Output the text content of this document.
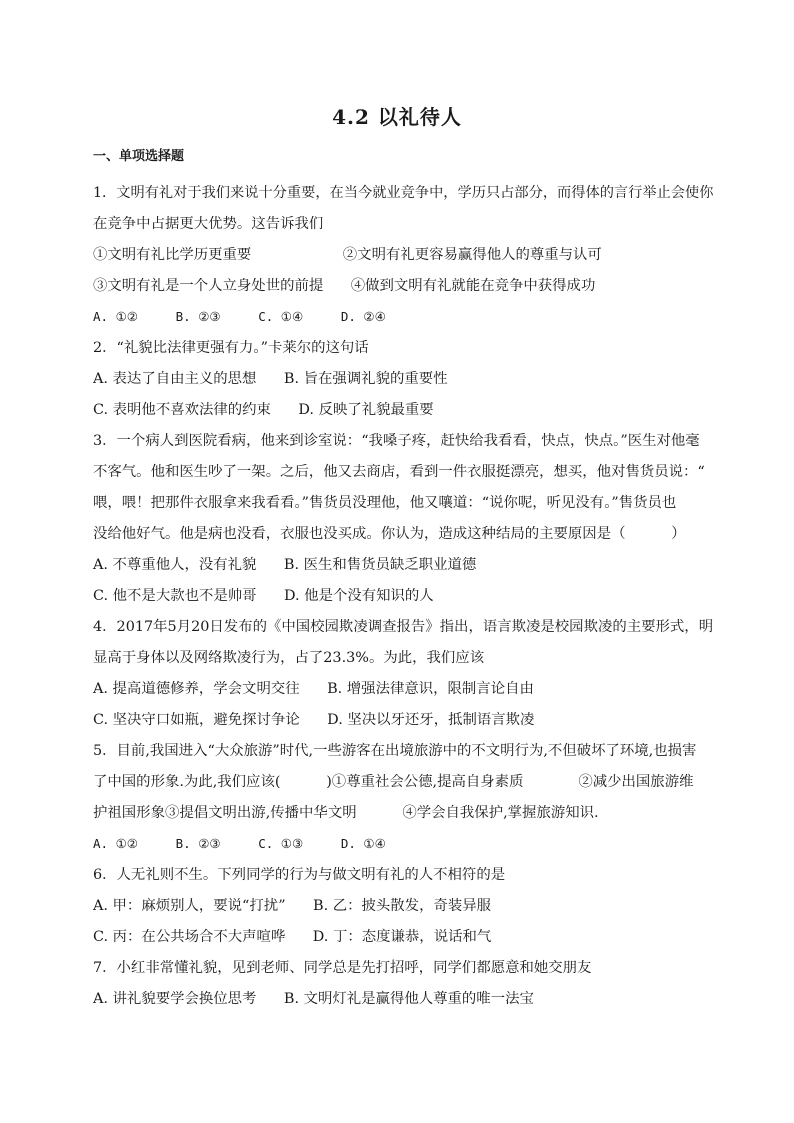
4.2 以礼待人
一、单项选择题
1．文明有礼对于我们来说十分重要，在当今就业竞争中，学历只占部分，而得体的言行举止会使你
在竞争中占据更大优势。这告诉我们
①文明有礼比学历更重要                    ②文明有礼更容易赢得他人的尊重与认可
③文明有礼是一个人立身处世的前提      ④做到文明有礼就能在竞争中获得成功
A. ①②     B. ②③     C. ①④     D. ②④
2．“礼貌比法律更强有力。”卡莱尔的这句话
A. 表达了自由主义的思想      B. 旨在强调礼貌的重要性
C. 表明他不喜欢法律的约束      D. 反映了礼貌最重要
3．一个病人到医院看病，他来到诊室说：“我嗓子疼，赶快给我看看，快点，快点。”医生对他毫
不客气。他和医生吵了一架。之后，他又去商店，看到一件衣服挺漂亮，想买，他对售货员说：“
喂，喂！把那件衣服拿来我看看。”售货员没理他，他又嚷道：“说你呢，听见没有。”售货员也
没给他好气。他是病也没看，衣服也没买成。你认为，造成这种结局的主要原因是（          ）
A. 不尊重他人，没有礼貌      B. 医生和售货员缺乏职业道德
C. 他不是大款也不是帅哥      D. 他是个没有知识的人
4．2017年5月20日发布的《中国校园欺凌调查报告》指出，语言欺凌是校园欺凌的主要形式，明
显高于身体以及网络欺凌行为，占了23.3%。为此，我们应该
A. 提高道德修养，学会文明交往      B. 增强法律意识，限制言论自由
C. 坚决守口如瓶，避免探讨争论      D. 坚决以牙还牙，抵制语言欺凌
5．目前,我国进入“大众旅游”时代,一些游客在出境旅游中的不文明行为,不但破坏了环境,也损害
了中国的形象.为此,我们应该(          )①尊重社会公德,提高自身素质            ②减少出国旅游维
护祖国形象③提倡文明出游,传播中华文明          ④学会自我保护,掌握旅游知识.
A. ①②     B. ②③     C. ①③     D. ①④
6．人无礼则不生。下列同学的行为与做文明有礼的人不相符的是
A. 甲：麻烦别人，要说“打扰”      B. 乙：披头散发，奇装异服
C. 丙：在公共场合不大声喧哗      D. 丁：态度谦恭，说话和气
7．小红非常懂礼貌，见到老师、同学总是先打招呼，同学们都愿意和她交朋友
A. 讲礼貌要学会换位思考      B. 文明灯礼是赢得他人尊重的唯一法宝
